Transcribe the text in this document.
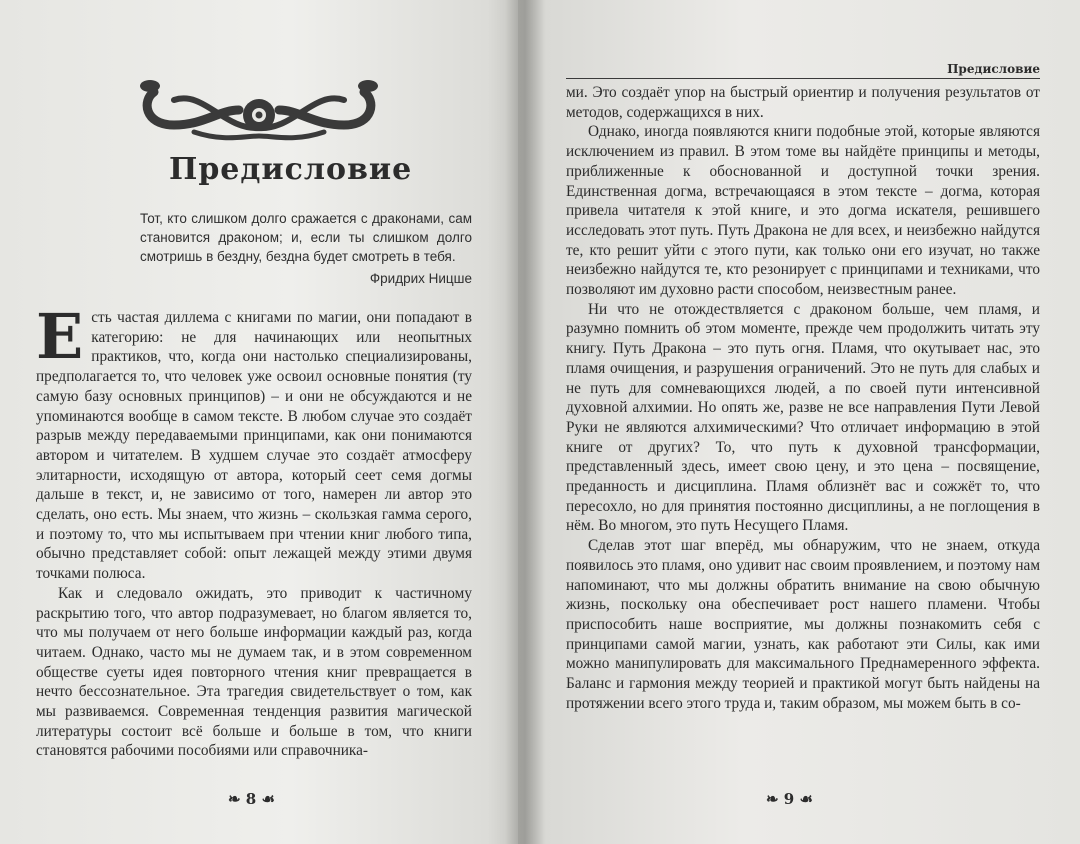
Предисловие
Тот, кто слишком долго сражается с драконами, сам становится драконом; и, если ты слишком долго смотришь в бездну, бездна будет смотреть в тебя.
Фридрих Ницше

Есть частая диллема с книгами по магии, они попадают в категорию: не для начинающих или неопытных практиков, что, когда они настолько специализированы, предполагается то, что человек уже освоил основные понятия (ту самую базу основных принципов) – и они не обсуждаются и не упоминаются вообще в самом тексте. В любом случае это создаёт разрыв между передаваемыми принципами, как они понимаются автором и читателем. В худшем случае это создаёт атмосферу элитарности, исходящую от автора, который сеет семя догмы дальше в текст, и, не зависимо от того, намерен ли автор это сделать, оно есть. Мы знаем, что жизнь – скользкая гамма серого, и поэтому то, что мы испытываем при чтении книг любого типа, обычно представляет собой: опыт лежащей между этими двумя точками полюса.

Как и следовало ожидать, это приводит к частичному раскрытию того, что автор подразумевает, но благом является то, что мы получаем от него больше информации каждый раз, когда читаем. Однако, часто мы не думаем так, и в этом современном обществе суеты идея повторного чтения книг превращается в нечто бессознательное. Эта трагедия свидетельствует о том, как мы развиваемся. Современная тенденция развития магической литературы состоит всё больше и больше в том, что книги становятся рабочими пособиями или справочника-

❧ 8 ☙
Предисловие

ми. Это создаёт упор на быстрый ориентир и получения результатов от методов, содержащихся в них.

Однако, иногда появляются книги подобные этой, которые являются исключением из правил. В этом томе вы найдёте принципы и методы, приближенные к обоснованной и доступной точки зрения. Единственная догма, встречающаяся в этом тексте – догма, которая привела читателя к этой книге, и это догма искателя, решившего исследовать этот путь. Путь Дракона не для всех, и неизбежно найдутся те, кто решит уйти с этого пути, как только они его изучат, но также неизбежно найдутся те, кто резонирует с принципами и техниками, что позволяют им духовно расти способом, неизвестным ранее.

Ни что не отождествляется с драконом больше, чем пламя, и разумно помнить об этом моменте, прежде чем продолжить читать эту книгу. Путь Дракона – это путь огня. Пламя, что окутывает нас, это пламя очищения, и разрушения ограничений. Это не путь для слабых и не путь для сомневающихся людей, а по своей пути интенсивной духовной алхимии. Но опять же, разве не все направления Пути Левой Руки не являются алхимическими? Что отличает информацию в этой книге от других? То, что путь к духовной трансформации, представленный здесь, имеет свою цену, и это цена – посвящение, преданность и дисциплина. Пламя облизнёт вас и сожжёт то, что пересохло, но для принятия постоянно дисциплины, а не поглощения в нём. Во многом, это путь Несущего Пламя.

Сделав этот шаг вперёд, мы обнаружим, что не знаем, откуда появилось это пламя, оно удивит нас своим проявлением, и поэтому нам напоминают, что мы должны обратить внимание на свою обычную жизнь, поскольку она обеспечивает рост нашего пламени. Чтобы приспособить наше восприятие, мы должны познакомить себя с принципами самой магии, узнать, как работают эти Силы, как ими можно манипулировать для максимального Преднамеренного эффекта. Баланс и гармония между теорией и практикой могут быть найдены на протяжении всего этого труда и, таким образом, мы можем быть в со-

❧ 9 ☙
